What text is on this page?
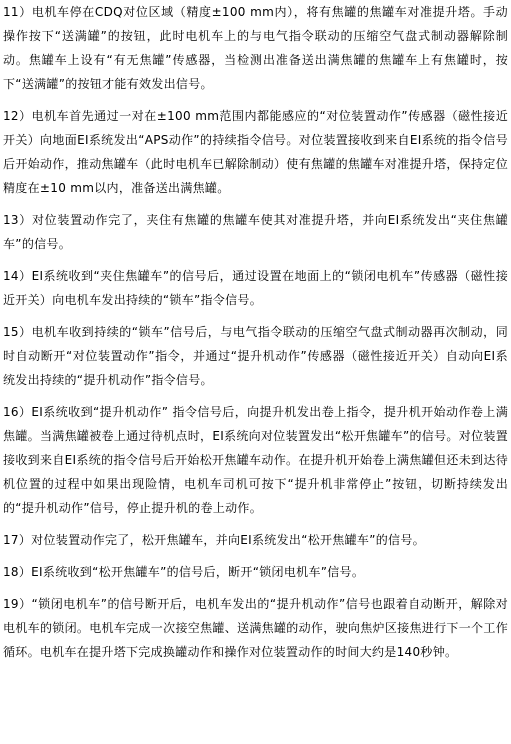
11）电机车停在CDQ对位区域（精度±100 mm内），将有焦罐的焦罐车对准提升塔。手动操作按下“送满罐”的按钮，此时电机车上的与电气指令联动的压缩空气盘式制动器解除制动。焦罐车上设有“有无焦罐”传感器，当检测出准备送出满焦罐的焦罐车上有焦罐时，按下“送满罐”的按钮才能有效发出信号。

12）电机车首先通过一对在±100 mm范围内都能感应的“对位装置动作”传感器（磁性接近开关）向地面EI系统发出“APS动作”的持续指令信号。对位装置接收到来自EI系统的指令信号后开始动作，推动焦罐车（此时电机车已解除制动）使有焦罐的焦罐车对准提升塔，保持定位精度在±10 mm以内，准备送出满焦罐。

13）对位装置动作完了，夹住有焦罐的焦罐车使其对准提升塔，并向EI系统发出“夹住焦罐车”的信号。

14）EI系统收到“夹住焦罐车”的信号后，通过设置在地面上的“锁闭电机车”传感器（磁性接近开关）向电机车发出持续的“锁车”指令信号。

15）电机车收到持续的“锁车”信号后，与电气指令联动的压缩空气盘式制动器再次制动，同时自动断开“对位装置动作”指令，并通过“提升机动作”传感器（磁性接近开关）自动向EI系统发出持续的“提升机动作”指令信号。

16）EI系统收到“提升机动作” 指令信号后，向提升机发出卷上指令，提升机开始动作卷上满焦罐。当满焦罐被卷上通过待机点时，EI系统向对位装置发出“松开焦罐车”的信号。对位装置接收到来自EI系统的指令信号后开始松开焦罐车动作。在提升机开始卷上满焦罐但还未到达待机位置的过程中如果出现险情，电机车司机可按下“提升机非常停止”按钮，切断持续发出的“提升机动作”信号，停止提升机的卷上动作。

17）对位装置动作完了，松开焦罐车，并向EI系统发出“松开焦罐车”的信号。

18）EI系统收到“松开焦罐车”的信号后，断开“锁闭电机车”信号。

19）“锁闭电机车”的信号断开后，电机车发出的“提升机动作”信号也跟着自动断开，解除对电机车的锁闭。电机车完成一次接空焦罐、送满焦罐的动作，驶向焦炉区接焦进行下一个工作循环。电机车在提升塔下完成换罐动作和操作对位装置动作的时间大约是140秒钟。
